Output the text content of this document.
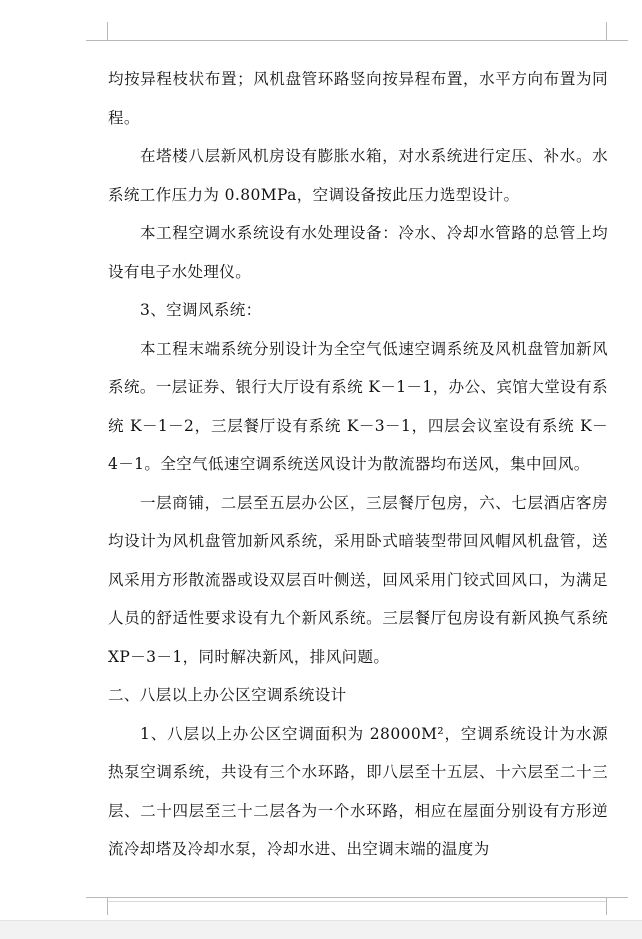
均按异程枝状布置；风机盘管环路竖向按异程布置，水平方向布置为同程。

在塔楼八层新风机房设有膨胀水箱，对水系统进行定压、补水。水系统工作压力为 0.80MPa，空调设备按此压力选型设计。

本工程空调水系统设有水处理设备：冷水、冷却水管路的总管上均设有电子水处理仪。

3、空调风系统：

本工程末端系统分别设计为全空气低速空调系统及风机盘管加新风系统。一层证券、银行大厅设有系统 K－1－1，办公、宾馆大堂设有系统 K－1－2，三层餐厅设有系统 K－3－1，四层会议室设有系统 K－4－1。全空气低速空调系统送风设计为散流器均布送风，集中回风。

一层商铺，二层至五层办公区，三层餐厅包房，六、七层酒店客房均设计为风机盘管加新风系统，采用卧式暗装型带回风帽风机盘管，送风采用方形散流器或设双层百叶侧送，回风采用门铰式回风口，为满足人员的舒适性要求设有九个新风系统。三层餐厅包房设有新风换气系统 XP－3－1，同时解决新风，排风问题。

二、八层以上办公区空调系统设计

1、八层以上办公区空调面积为 28000M²，空调系统设计为水源热泵空调系统，共设有三个水环路，即八层至十五层、十六层至二十三层、二十四层至三十二层各为一个水环路，相应在屋面分别设有方形逆流冷却塔及冷却水泵，冷却水进、出空调末端的温度为
